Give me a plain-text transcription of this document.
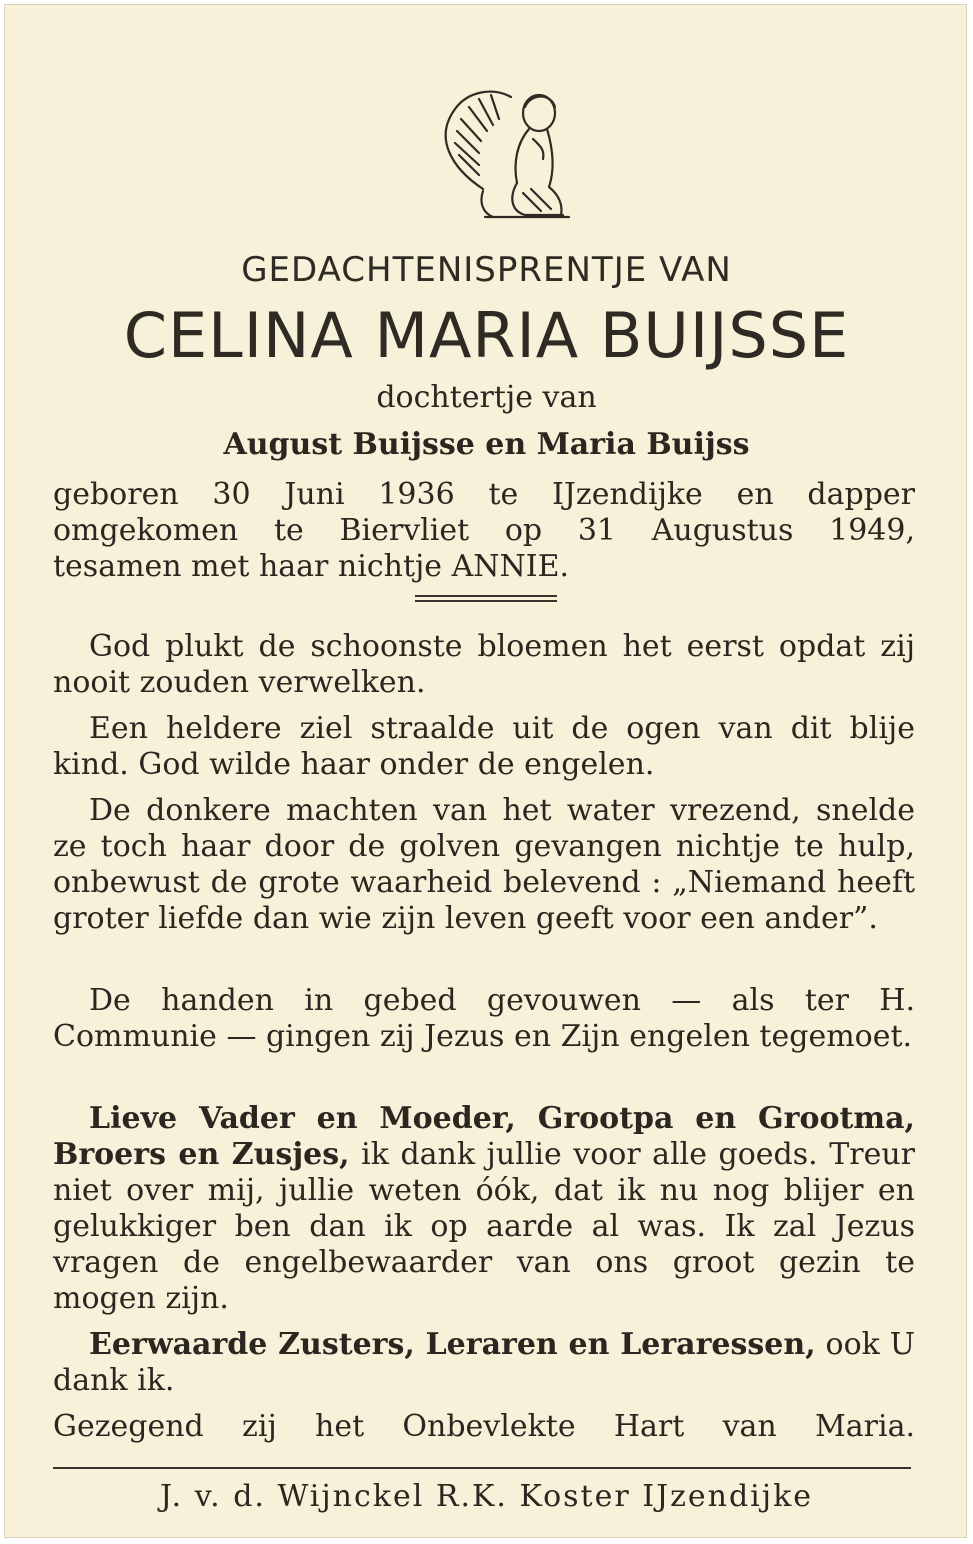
GEDACHTENISPRENTJE VAN
CELINA MARIA BUIJSSE
dochtertje van
August Buijsse en Maria Buijss
geboren 30 Juni 1936 te IJzendijke en dapper
omgekomen te Biervliet op 31 Augustus 1949,
tesamen met haar nichtje ANNIE.
God plukt de schoonste bloemen het eerst opdat zij nooit zouden verwelken.
Een heldere ziel straalde uit de ogen van dit blije kind. God wilde haar onder de engelen.
De donkere machten van het water vrezend, snelde ze toch haar door de golven gevangen nichtje te hulp, onbewust de grote waarheid belevend : „Niemand heeft groter liefde dan wie zijn leven geeft voor een ander”.
De handen in gebed gevouwen — als ter H. Communie — gingen zij Jezus en Zijn engelen tegemoet.
Lieve Vader en Moeder, Grootpa en Grootma, Broers en Zusjes, ik dank jullie voor alle goeds. Treur niet over mij, jullie weten óók, dat ik nu nog blijer en gelukkiger ben dan ik op aarde al was. Ik zal Jezus vragen de engelbewaarder van ons groot gezin te mogen zijn.
Eerwaarde Zusters, Leraren en Leraressen, ook U dank ik.
Gezegend zij het Onbevlekte Hart van Maria.
J. v. d. Wijnckel R.K. Koster IJzendijke
